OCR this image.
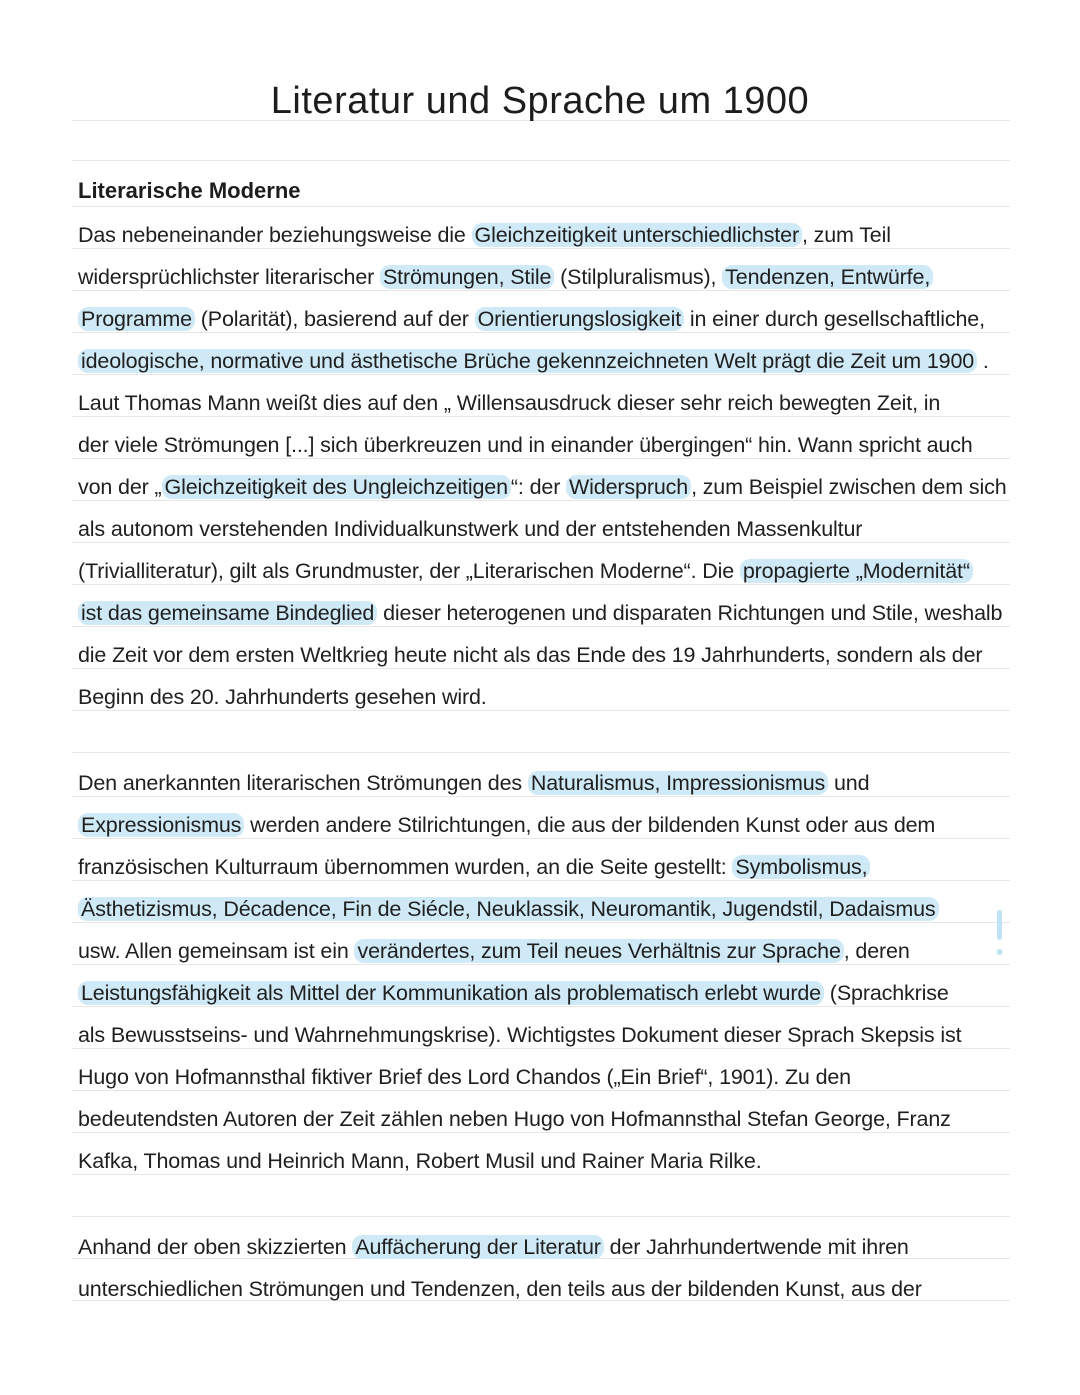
Literatur und Sprache um 1900
Literarische Moderne
Das nebeneinander beziehungsweise die Gleichzeitigkeit unterschiedlichster , zum Teil
widersprüchlichster literarischer Strömungen, Stile (Stilpluralismus), Tendenzen, Entwürfe,
Programme (Polarität), basierend auf der Orientierungslosigkeit in einer durch gesellschaftliche,
ideologische, normative und ästhetische Brüche gekennzeichneten Welt prägt die Zeit um 1900 .
Laut Thomas Mann weißt dies auf den „ Willensausdruck dieser sehr reich bewegten Zeit, in
der viele Strömungen [...] sich überkreuzen und in einander übergingen“ hin. Wann spricht auch
von der „ Gleichzeitigkeit des Ungleichzeitigen “: der Widerspruch , zum Beispiel zwischen dem sich
als autonom verstehenden Individualkunstwerk und der entstehenden Massenkultur
(Trivialliteratur), gilt als Grundmuster, der „Literarischen Moderne“. Die propagierte „Modernität“
ist das gemeinsame Bindeglied dieser heterogenen und disparaten Richtungen und Stile, weshalb
die Zeit vor dem ersten Weltkrieg heute nicht als das Ende des 19 Jahrhunderts, sondern als der
Beginn des 20. Jahrhunderts gesehen wird.
Den anerkannten literarischen Strömungen des Naturalismus, Impressionismus und
Expressionismus werden andere Stilrichtungen, die aus der bildenden Kunst oder aus dem
französischen Kulturraum übernommen wurden, an die Seite gestellt: Symbolismus,
Ästhetizismus, Décadence, Fin de Siécle, Neuklassik, Neuromantik, Jugendstil, Dadaismus
usw. Allen gemeinsam ist ein verändertes, zum Teil neues Verhältnis zur Sprache , deren
Leistungsfähigkeit als Mittel der Kommunikation als problematisch erlebt wurde (Sprachkrise
als Bewusstseins- und Wahrnehmungskrise). Wichtigstes Dokument dieser Sprach Skepsis ist
Hugo von Hofmannsthal fiktiver Brief des Lord Chandos („Ein Brief“, 1901). Zu den
bedeutendsten Autoren der Zeit zählen neben Hugo von Hofmannsthal Stefan George, Franz
Kafka, Thomas und Heinrich Mann, Robert Musil und Rainer Maria Rilke.
Anhand der oben skizzierten Auffächerung der Literatur der Jahrhundertwende mit ihren
unterschiedlichen Strömungen und Tendenzen, den teils aus der bildenden Kunst, aus der
